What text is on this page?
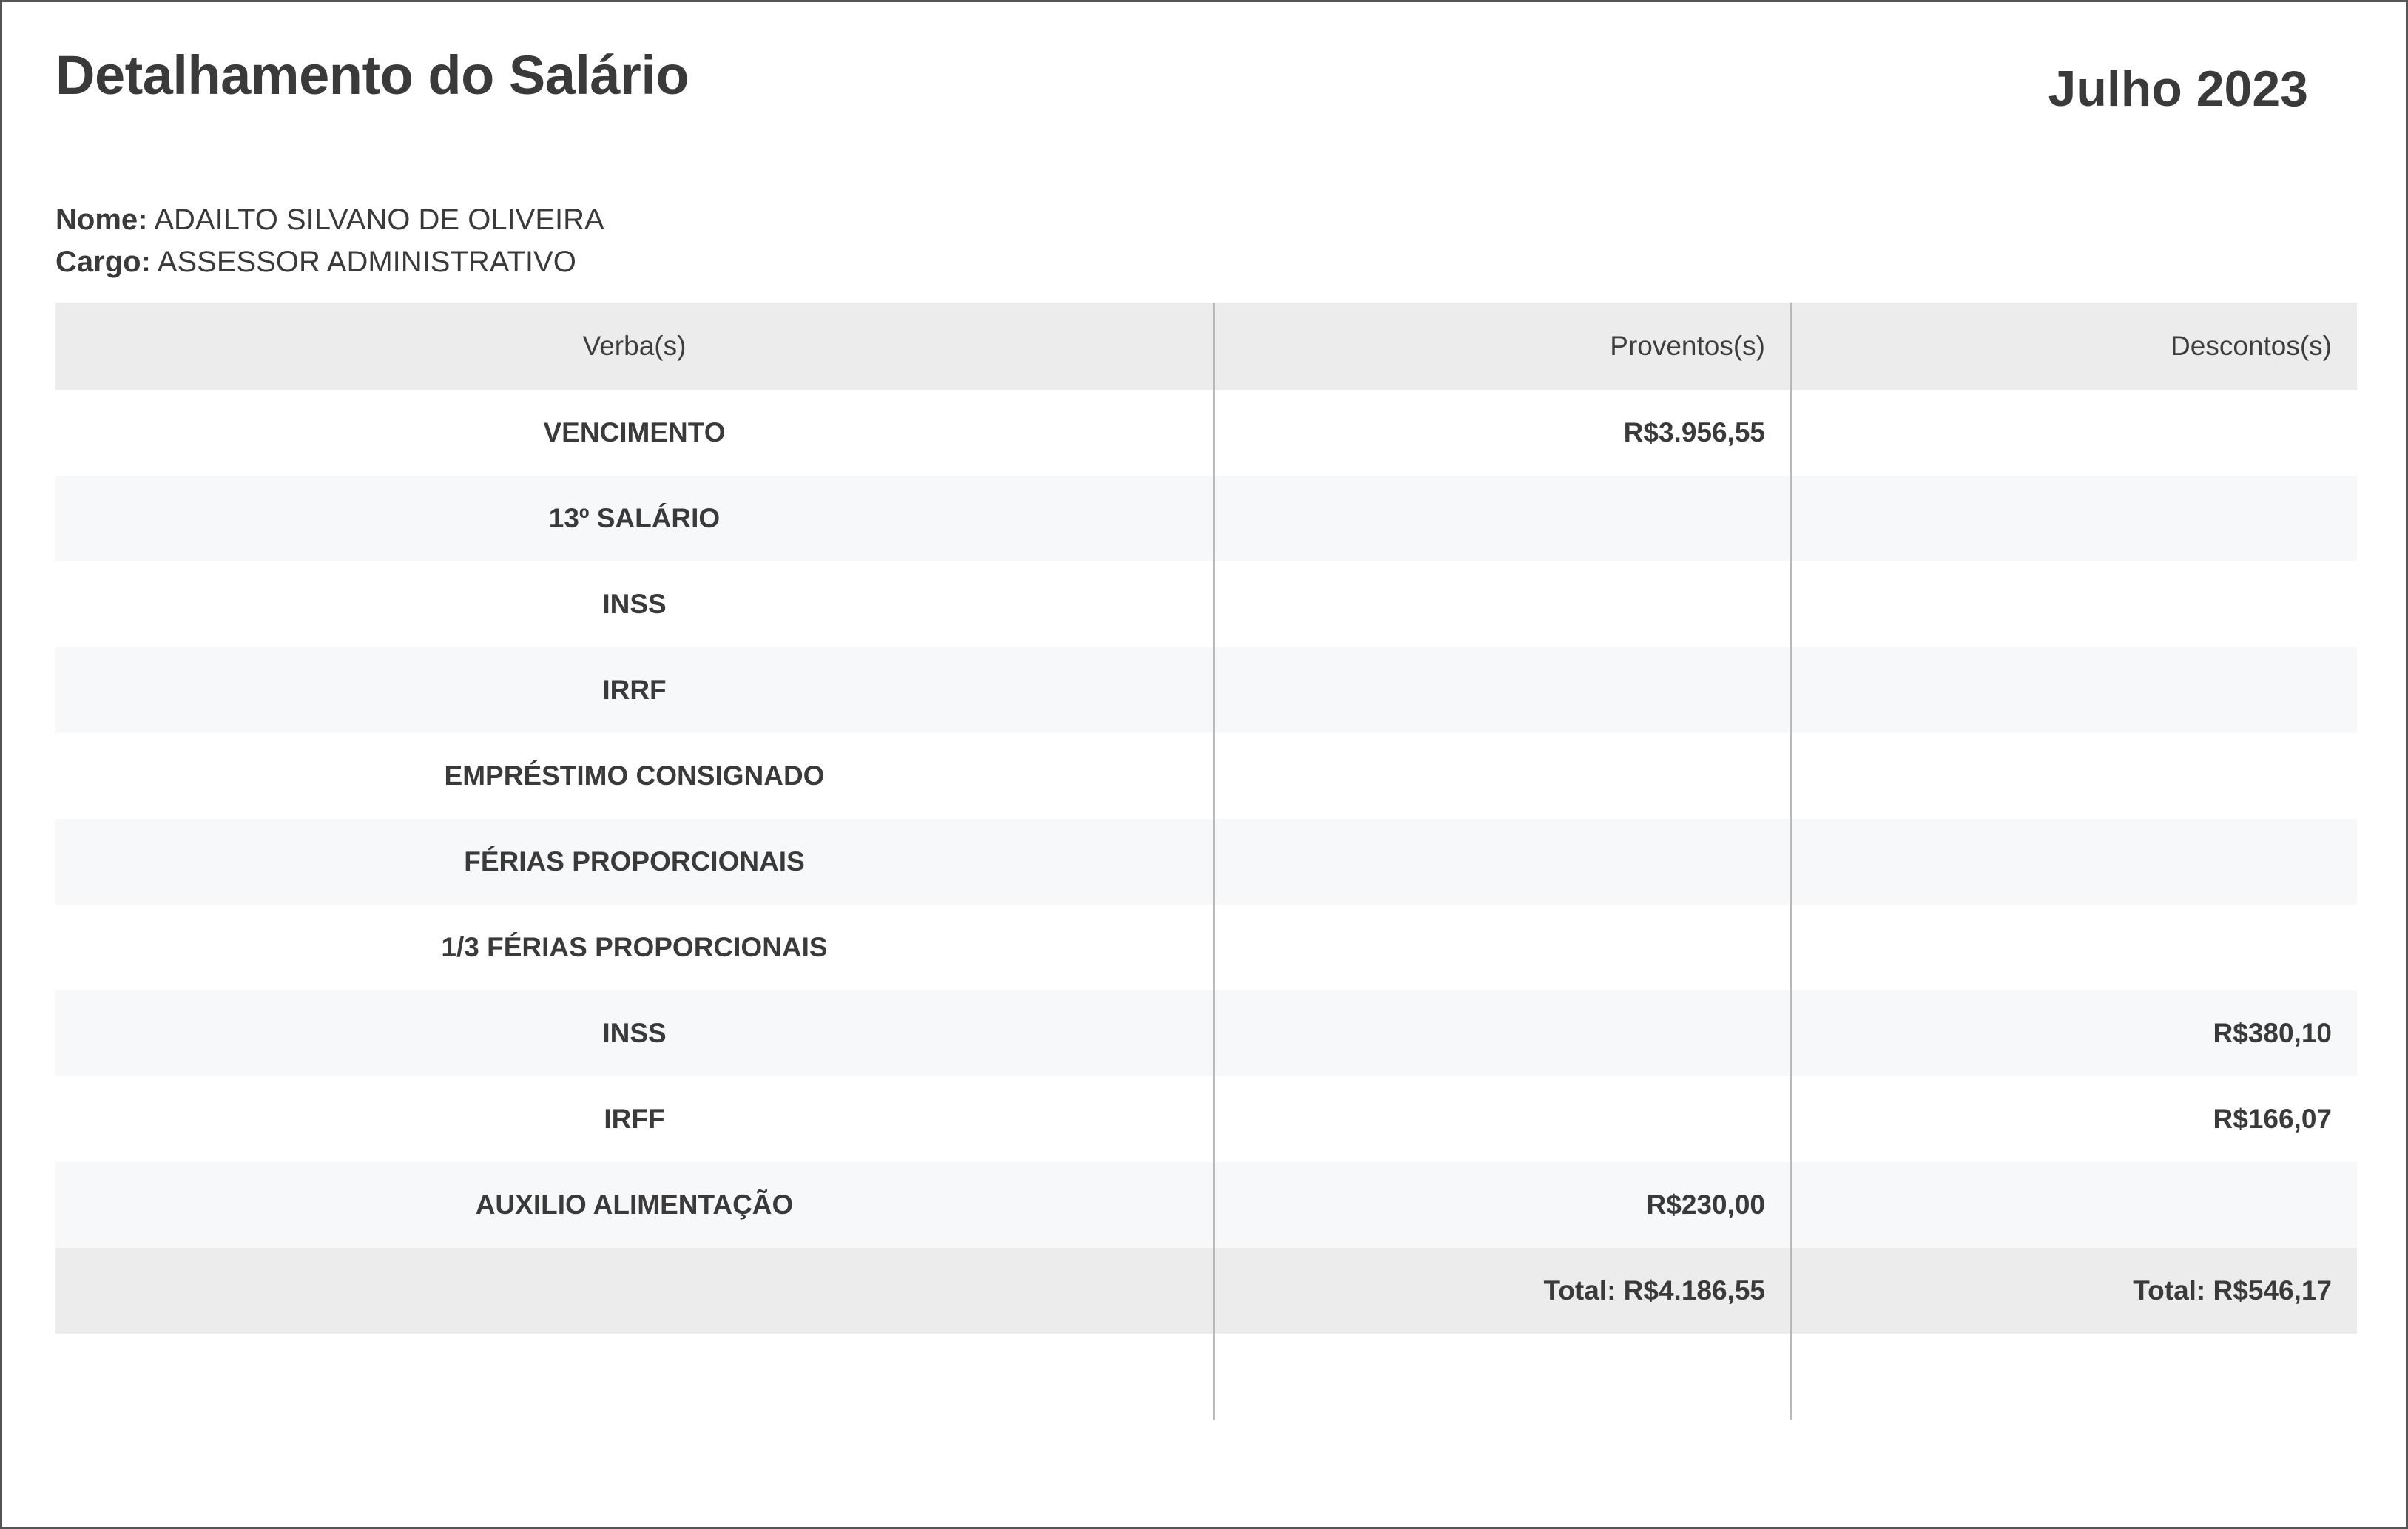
Detalhamento do Salário	Julho 2023
Nome: ADAILTO SILVANO DE OLIVEIRA
Cargo: ASSESSOR ADMINISTRATIVO
Verba(s)	Proventos(s)	Descontos(s)
VENCIMENTO	R$3.956,55	
13º SALÁRIO		
INSS		
IRRF		
EMPRÉSTIMO CONSIGNADO		
FÉRIAS PROPORCIONAIS		
1/3 FÉRIAS PROPORCIONAIS		
INSS		R$380,10
IRFF		R$166,07
AUXILIO ALIMENTAÇÃO	R$230,00	
	Total: R$4.186,55	Total: R$546,17
